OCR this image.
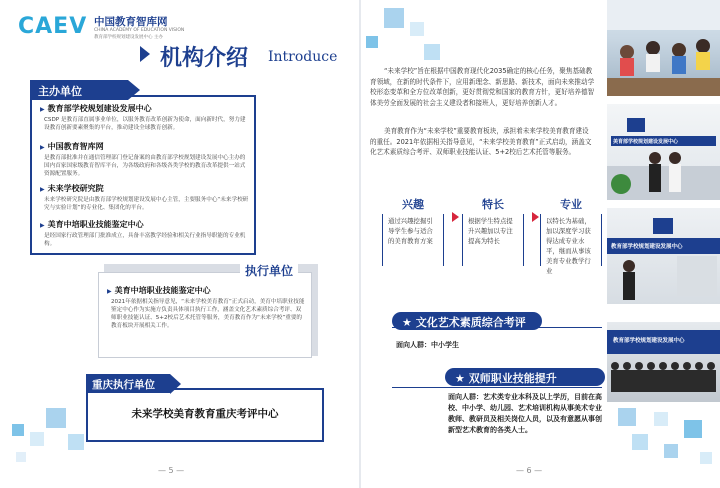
CAEV 中国教育智库网
CHINA ACADEMY OF EDUCATION VISION
教育部学校规划建设发展中心 主办
机构介绍 Introduce
▶ 教育部学校规划建设发展中心
CSDP 是教育部直属事业单位，以服务教育改革创新为使命，面向新时代，努力建设教育创新要素聚集的平台，推动建设全球教育创新。
▶ 中国教育智库网
是教育部批准并在通信管理部门登记备案的由教育部学校规划建设发展中心主办的国内首家国家级教育智库平台，为各级政府和各级各类学校的教育改革提供一站式资源配置服务。
▶ 未来学校研究院
未来学校研究院是由教育部学校规划建设发展中心主管，主要服务中心“未来学校研究与实验计划”的专业化、集团化的平台。
▶ 美育中培职业技能鉴定中心
是经国家行政管理部门批准成立，具备丰富教学经验和相关行业指导职能的专业机构。
主办单位
▶ 美育中培职业技能鉴定中心
2021年依据相关指导意见，“未来学校美育教育”正式启动，美育中培职业技能鉴定中心作为实施方负责具体项目执行工作，涵盖文化艺术素质综合考评、双师职业技能认证、5+2校后艺术托管等服务，美育教育作为“未来学校”重要的教育板块开展相关工作。
执行单位
重庆执行单位
未来学校美育教育重庆考评中心
— 5 —
“未来学校”旨在根据中国教育现代化2035确定的核心任务，聚焦基础教育领域，在新的时代条件下，应用新理念、新思路、新技术，面向未来推动学校形态变革和全方位改革创新，更好贯彻党和国家的教育方针，更好培养德智体美劳全面发展的社会主义建设者和接班人，更好培养创新人才。
美育教育作为“未来学校”重要教育板块，承担着未来学校美育教育建设的重任。2021年依据相关指导意见，“未来学校美育教育”正式启动，涵盖文化艺术素质综合考评、双师职业技能认证、5+2校后艺术托管等服务。
兴趣
通过兴趣挖掘引导学生参与适合的美育教育方案
特长
根据学生特点提升兴趣加以专注提高为特长
专业
以特长为基础，加以深度学习获得达成专业水平，继而从事该美育专业教学行业
★ 文化艺术素质综合考评
面向人群：中小学生
★ 双师职业技能提升
面向人群：艺术类专业本科及以上学历，目前在高校、中小学、幼儿园、艺术培训机构从事美术专业教师、教研员及相关岗位人员，以及有意愿从事创新型艺术教育的各类人士。
— 6 —
美育部学校规划建设发展中心
教育部学校规划建设发展中心
教育部学校规划建设发展中心
